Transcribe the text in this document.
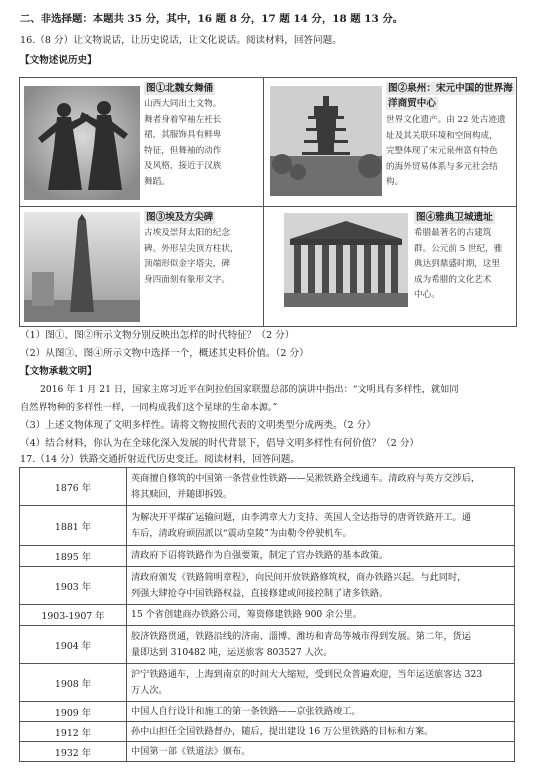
二、非选择题：本题共 35 分，其中，16 题 8 分，17 题 14 分，18 题 13 分。
16.（8 分）让文物说话，让历史说话，让文化说话。阅读材料，回答问题。
【文物述说历史】
图①北魏女舞俑
山西大同出土文物。
舞者身着窄袖左衽长
裙，其服饰具有鲜卑
特征，但舞袖的动作
及风格，接近于汉族
舞蹈。
图②泉州：宋元中国的世界海
洋商贸中心
世界文化遗产。由 22 处古迹遗
址及其关联环境和空间构成，
完整体现了宋元泉州富有特色
的海外贸易体系与多元社会结
构。
图③埃及方尖碑
古埃及崇拜太阳的纪念
碑。外形呈尖顶方柱状，
顶端形似金字塔尖，碑
身四面刻有象形文字。
图④雅典卫城遗址
希腊最著名的古建筑
群。公元前 5 世纪，雅
典达到鼎盛时期，这里
成为希腊的文化艺术
中心。
（1）图①、图②所示文物分别反映出怎样的时代特征？（2 分）
（2）从图③、图④所示文物中选择一个，概述其史料价值。（2 分）
【文物承载文明】
2016 年 1 月 21 日，国家主席习近平在阿拉伯国家联盟总部的演讲中指出：“文明具有多样性，就如同
自然界物种的多样性一样，一同构成我们这个星球的生命本源。”
（3）上述文物体现了文明多样性。请将文物按照代表的文明类型分成两类。（2 分）
（4）结合材料，你认为在全球化深入发展的时代背景下，倡导文明多样性有何价值？（2 分）
17.（14 分）铁路交通折射近代历史变迁。阅读材料，回答问题。
1876 年	英商擅自修筑的中国第一条营业性铁路——吴淞铁路全线通车。清政府与英方交涉后，
将其赎回，并随即拆毁。

1881 年	为解决开平煤矿运输问题，由李鸿章大力支持、英国人全达指导的唐胥铁路开工。通
车后，清政府顽固派以“震动皇陵”为由勒令停驶机车。

1895 年	清政府下诏将铁路作为自强要策，制定了官办铁路的基本政策。

1903 年	清政府颁发《铁路简明章程》，向民间开放铁路修筑权，商办铁路兴起。与此同时，
列强大肆抢夺中国铁路权益，直接修建或间接控制了诸多铁路。

1903-1907 年	15 个省创建商办铁路公司，筹资修建铁路 900 余公里。

1904 年	胶济铁路贯通，铁路沿线的济南、淄博、潍坊和青岛等城市得到发展。第二年，货运
量即达到 310482 吨，运送旅客 803527 人次。

1908 年	沪宁铁路通车，上海到南京的时间大大缩短，受到民众普遍欢迎，当年运送旅客达 323
万人次。

1909 年	中国人自行设计和施工的第一条铁路——京张铁路竣工。

1912 年	孙中山担任全国铁路督办，随后，提出建设 16 万公里铁路的目标和方案。

1932 年	中国第一部《铁道法》颁布。
